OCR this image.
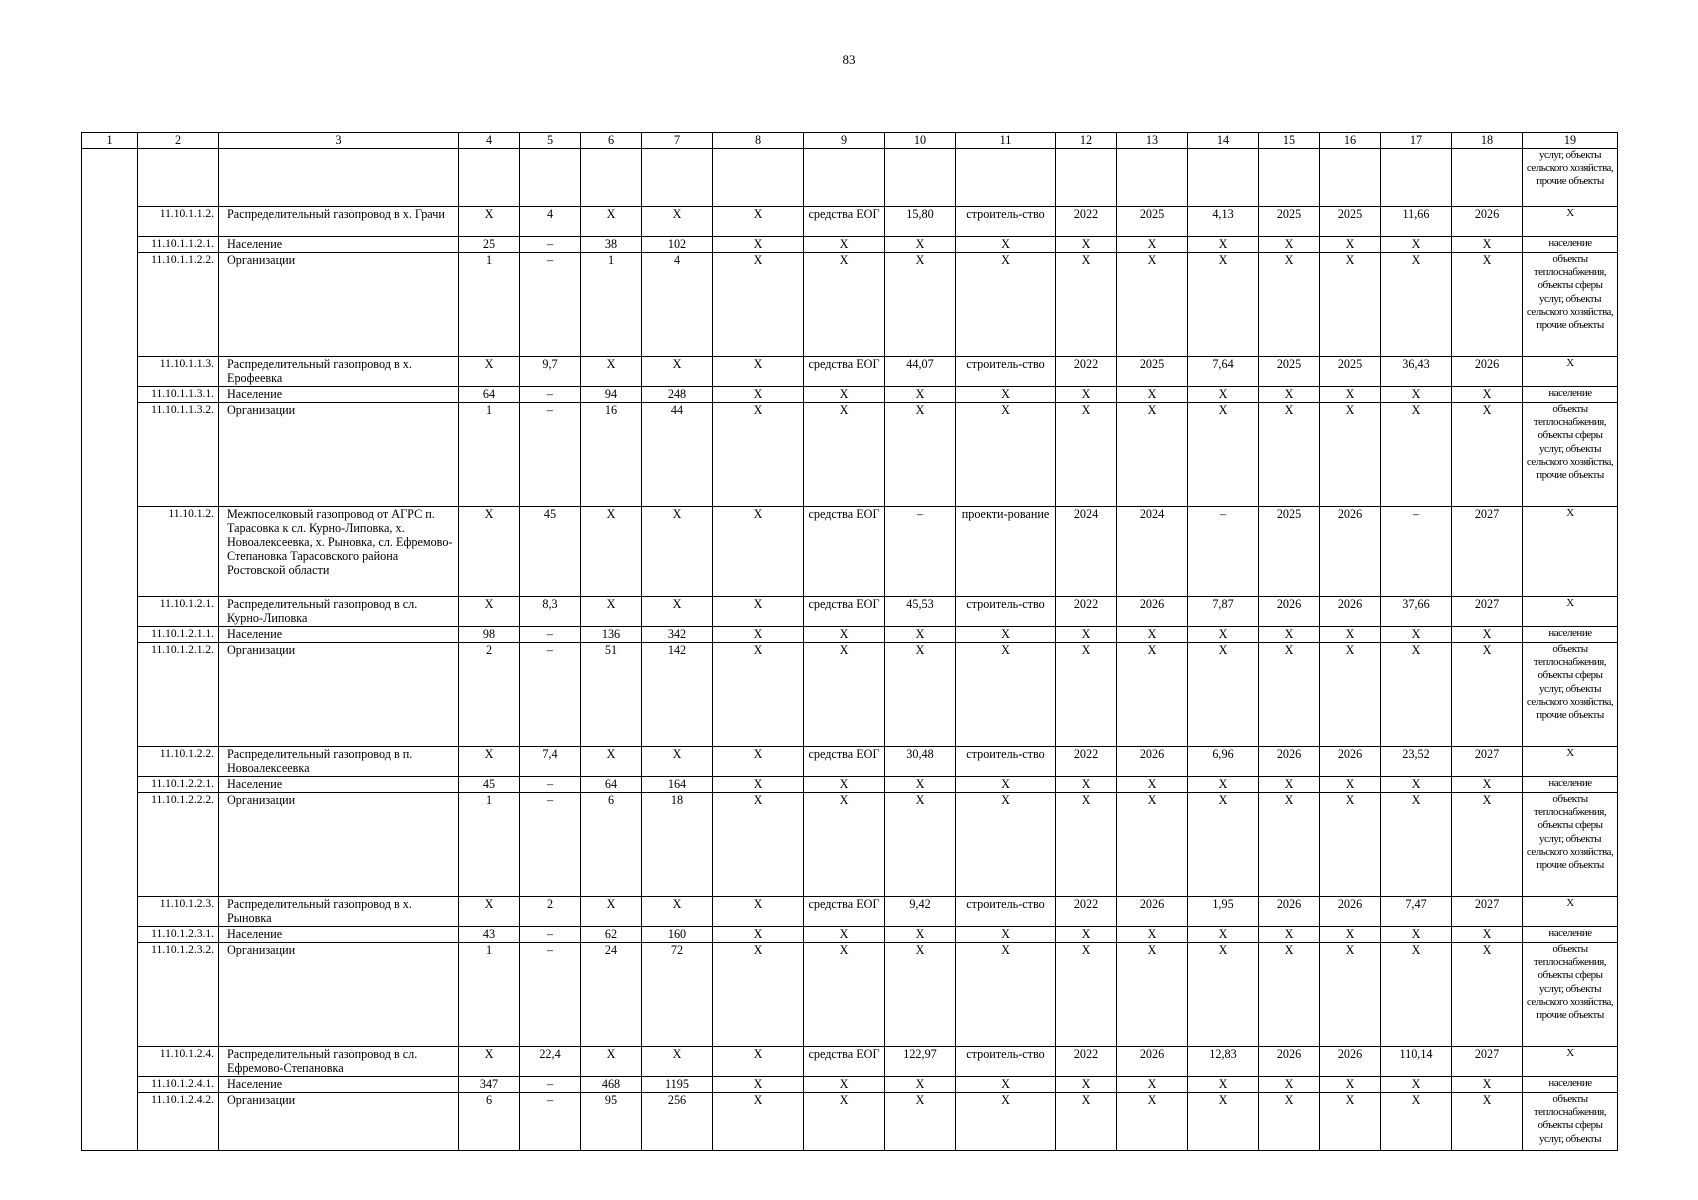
83
1	2	3	4	5	6	7	8	9	10	11	12	13	14	15	16	17	18	19
																		услуг, объекты сельского хозяйства, прочие объекты
	11.10.1.1.2.	Распределительный газопровод в х. Грачи	Х	4	Х	Х	Х	средства ЕОГ	15,80	строитель-ство	2022	2025	4,13	2025	2025	11,66	2026	Х
	11.10.1.1.2.1.	Население	25	–	38	102	Х	Х	Х	Х	Х	Х	Х	Х	Х	Х	Х	население
	11.10.1.1.2.2.	Организации	1	–	1	4	Х	Х	Х	Х	Х	Х	Х	Х	Х	Х	Х	объекты теплоснабжения, объекты сферы услуг, объекты сельского хозяйства, прочие объекты
	11.10.1.1.3.	Распределительный газопровод в х. Ерофеевка	Х	9,7	Х	Х	Х	средства ЕОГ	44,07	строитель-ство	2022	2025	7,64	2025	2025	36,43	2026	Х
	11.10.1.1.3.1.	Население	64	–	94	248	Х	Х	Х	Х	Х	Х	Х	Х	Х	Х	Х	население
	11.10.1.1.3.2.	Организации	1	–	16	44	Х	Х	Х	Х	Х	Х	Х	Х	Х	Х	Х	объекты теплоснабжения, объекты сферы услуг, объекты сельского хозяйства, прочие объекты
	11.10.1.2.	Межпоселковый газопровод от АГРС п. Тарасовка к сл. Курно-Липовка, х. Новоалексеевка, х. Рыновка, сл. Ефремово-Степановка Тарасовского района Ростовской области	Х	45	Х	Х	Х	средства ЕОГ	–	проекти-рование	2024	2024	–	2025	2026	–	2027	Х
	11.10.1.2.1.	Распределительный газопровод в сл. Курно-Липовка	Х	8,3	Х	Х	Х	средства ЕОГ	45,53	строитель-ство	2022	2026	7,87	2026	2026	37,66	2027	Х
	11.10.1.2.1.1.	Население	98	–	136	342	Х	Х	Х	Х	Х	Х	Х	Х	Х	Х	Х	население
	11.10.1.2.1.2.	Организации	2	–	51	142	Х	Х	Х	Х	Х	Х	Х	Х	Х	Х	Х	объекты теплоснабжения, объекты сферы услуг, объекты сельского хозяйства, прочие объекты
	11.10.1.2.2.	Распределительный газопровод в п. Новоалексеевка	Х	7,4	Х	Х	Х	средства ЕОГ	30,48	строитель-ство	2022	2026	6,96	2026	2026	23,52	2027	Х
	11.10.1.2.2.1.	Население	45	–	64	164	Х	Х	Х	Х	Х	Х	Х	Х	Х	Х	Х	население
	11.10.1.2.2.2.	Организации	1	–	6	18	Х	Х	Х	Х	Х	Х	Х	Х	Х	Х	Х	объекты теплоснабжения, объекты сферы услуг, объекты сельского хозяйства, прочие объекты
	11.10.1.2.3.	Распределительный газопровод в х. Рыновка	Х	2	Х	Х	Х	средства ЕОГ	9,42	строитель-ство	2022	2026	1,95	2026	2026	7,47	2027	Х
	11.10.1.2.3.1.	Население	43	–	62	160	Х	Х	Х	Х	Х	Х	Х	Х	Х	Х	Х	население
	11.10.1.2.3.2.	Организации	1	–	24	72	Х	Х	Х	Х	Х	Х	Х	Х	Х	Х	Х	объекты теплоснабжения, объекты сферы услуг, объекты сельского хозяйства, прочие объекты
	11.10.1.2.4.	Распределительный газопровод в сл. Ефремово-Степановка	Х	22,4	Х	Х	Х	средства ЕОГ	122,97	строитель-ство	2022	2026	12,83	2026	2026	110,14	2027	Х
	11.10.1.2.4.1.	Население	347	–	468	1195	Х	Х	Х	Х	Х	Х	Х	Х	Х	Х	Х	население
	11.10.1.2.4.2.	Организации	6	–	95	256	Х	Х	Х	Х	Х	Х	Х	Х	Х	Х	Х	объекты теплоснабжения, объекты сферы услуг, объекты
